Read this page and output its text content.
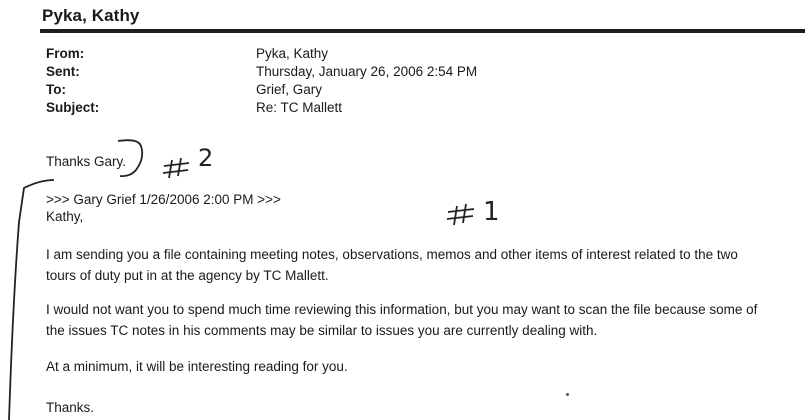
Pyka, Kathy
From:
Sent:
To:
Subject:
Pyka, Kathy
Thursday, January 26, 2006 2:54 PM
Grief, Gary
Re: TC Mallett
Thanks Gary.
>>> Gary Grief 1/26/2006 2:00 PM >>>
Kathy,
I am sending you a file containing meeting notes, observations, memos and other items of interest related to the two
tours of duty put in at the agency by TC Mallett.
I would not want you to spend much time reviewing this information, but you may want to scan the file because some of
the issues TC notes in his comments may be similar to issues you are currently dealing with.
At a minimum, it will be interesting reading for you.
Thanks.
2
1
